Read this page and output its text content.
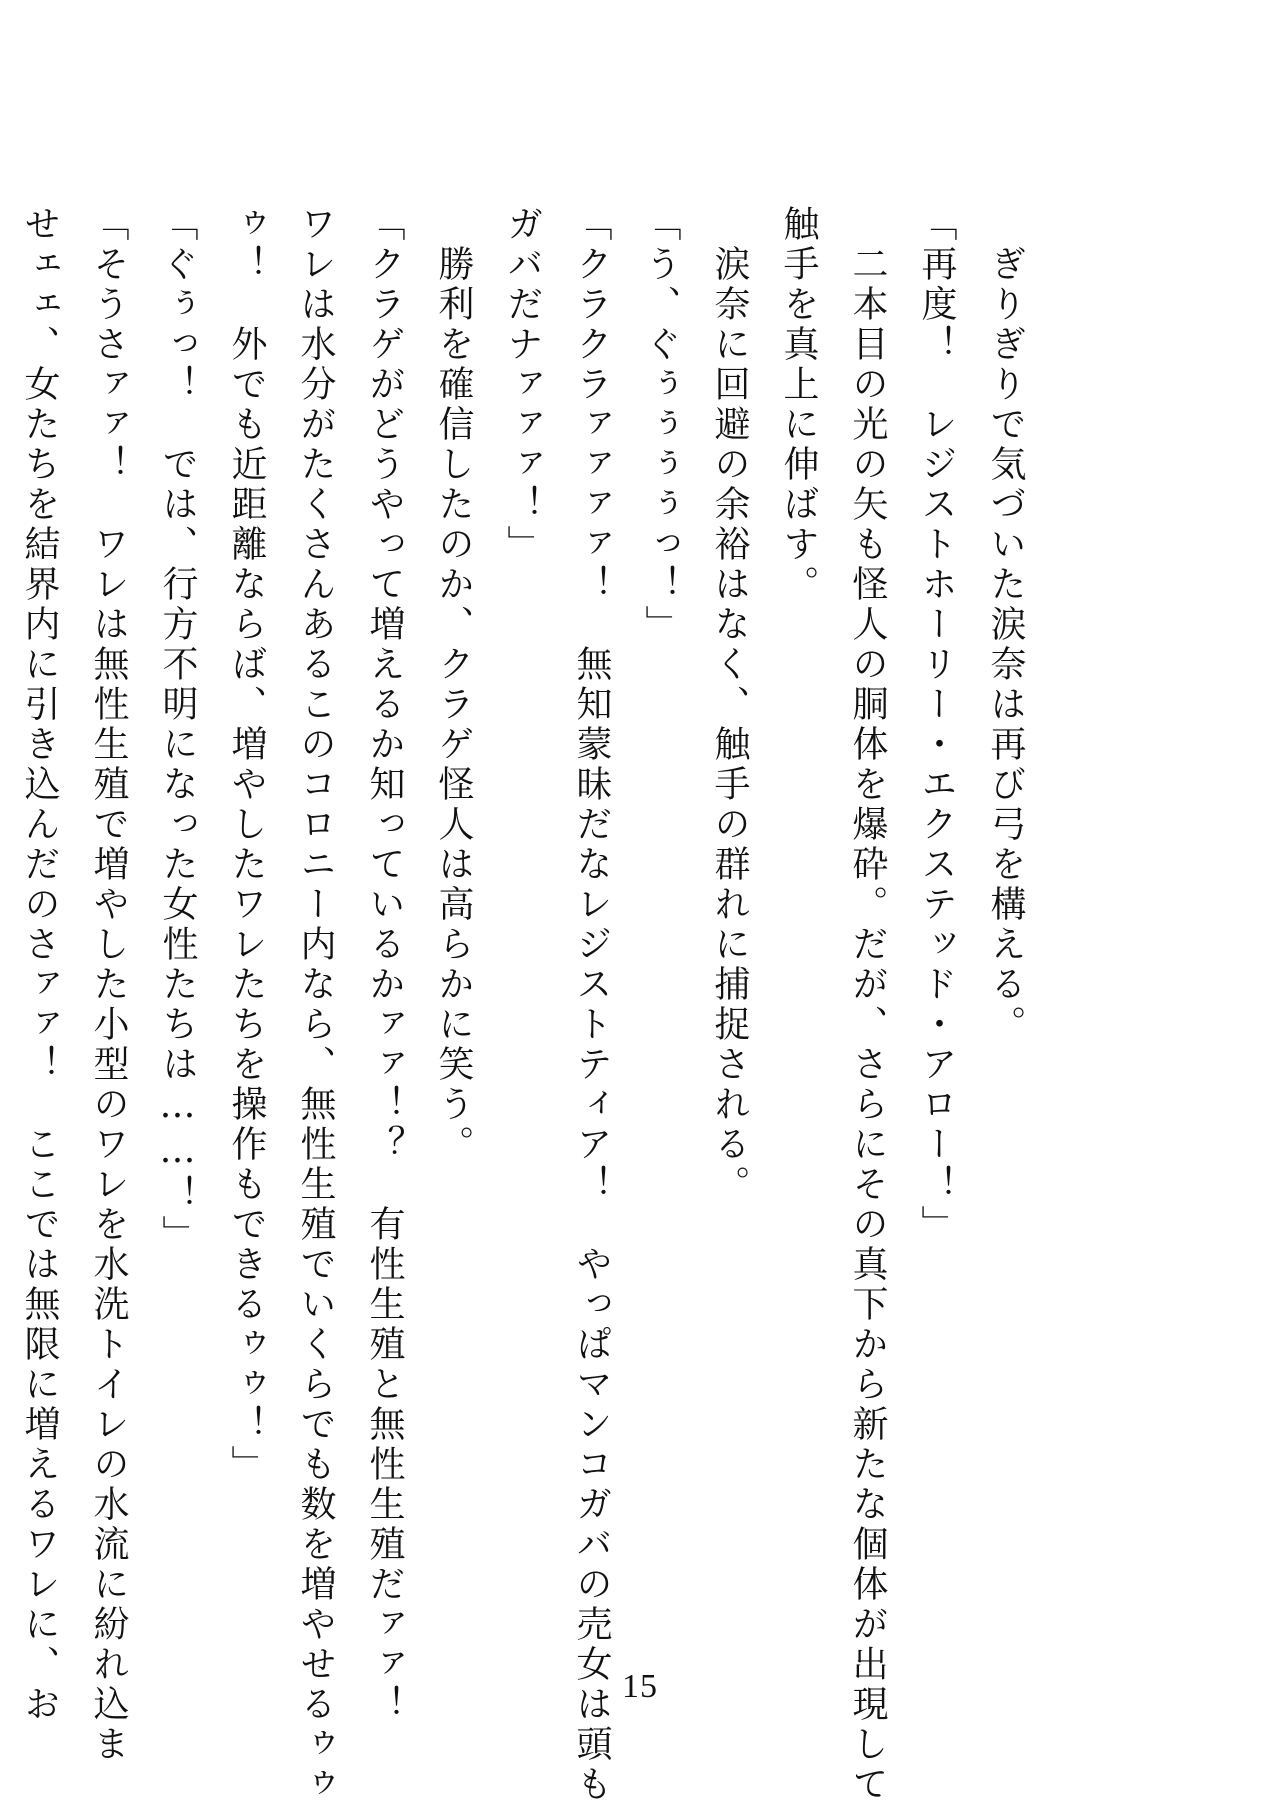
ぎりぎりで気づいた涙奈は再び弓を構える。
「再度！　レジストホーリー・エクステッド・アロー！」
二本目の光の矢も怪人の胴体を爆砕。だが、さらにその真下から新たな個体が出現して
触手を真上に伸ばす。
涙奈に回避の余裕はなく、触手の群れに捕捉される。
「う、ぐぅぅぅぅっ！」
「クラクラァァァァ！　無知蒙昧だなレジストティア！　やっぱマンコガバの売女は頭も
ガバだナァァァ！」
勝利を確信したのか、クラゲ怪人は高らかに笑う。
「クラゲがどうやって増えるか知っているかァァ！？　有性生殖と無性生殖だァァ！
ワレは水分がたくさんあるこのコロニー内なら、無性生殖でいくらでも数を増やせるゥゥ
ゥ！　外でも近距離ならば、増やしたワレたちを操作もできるゥゥ！」
「ぐぅっ！　では、行方不明になった女性たちは……！」
「そうさァァ！　ワレは無性生殖で増やした小型のワレを水洗トイレの水流に紛れ込ま
せェェ、女たちを結界内に引き込んだのさァァ！　ここでは無限に増えるワレに、お	15
